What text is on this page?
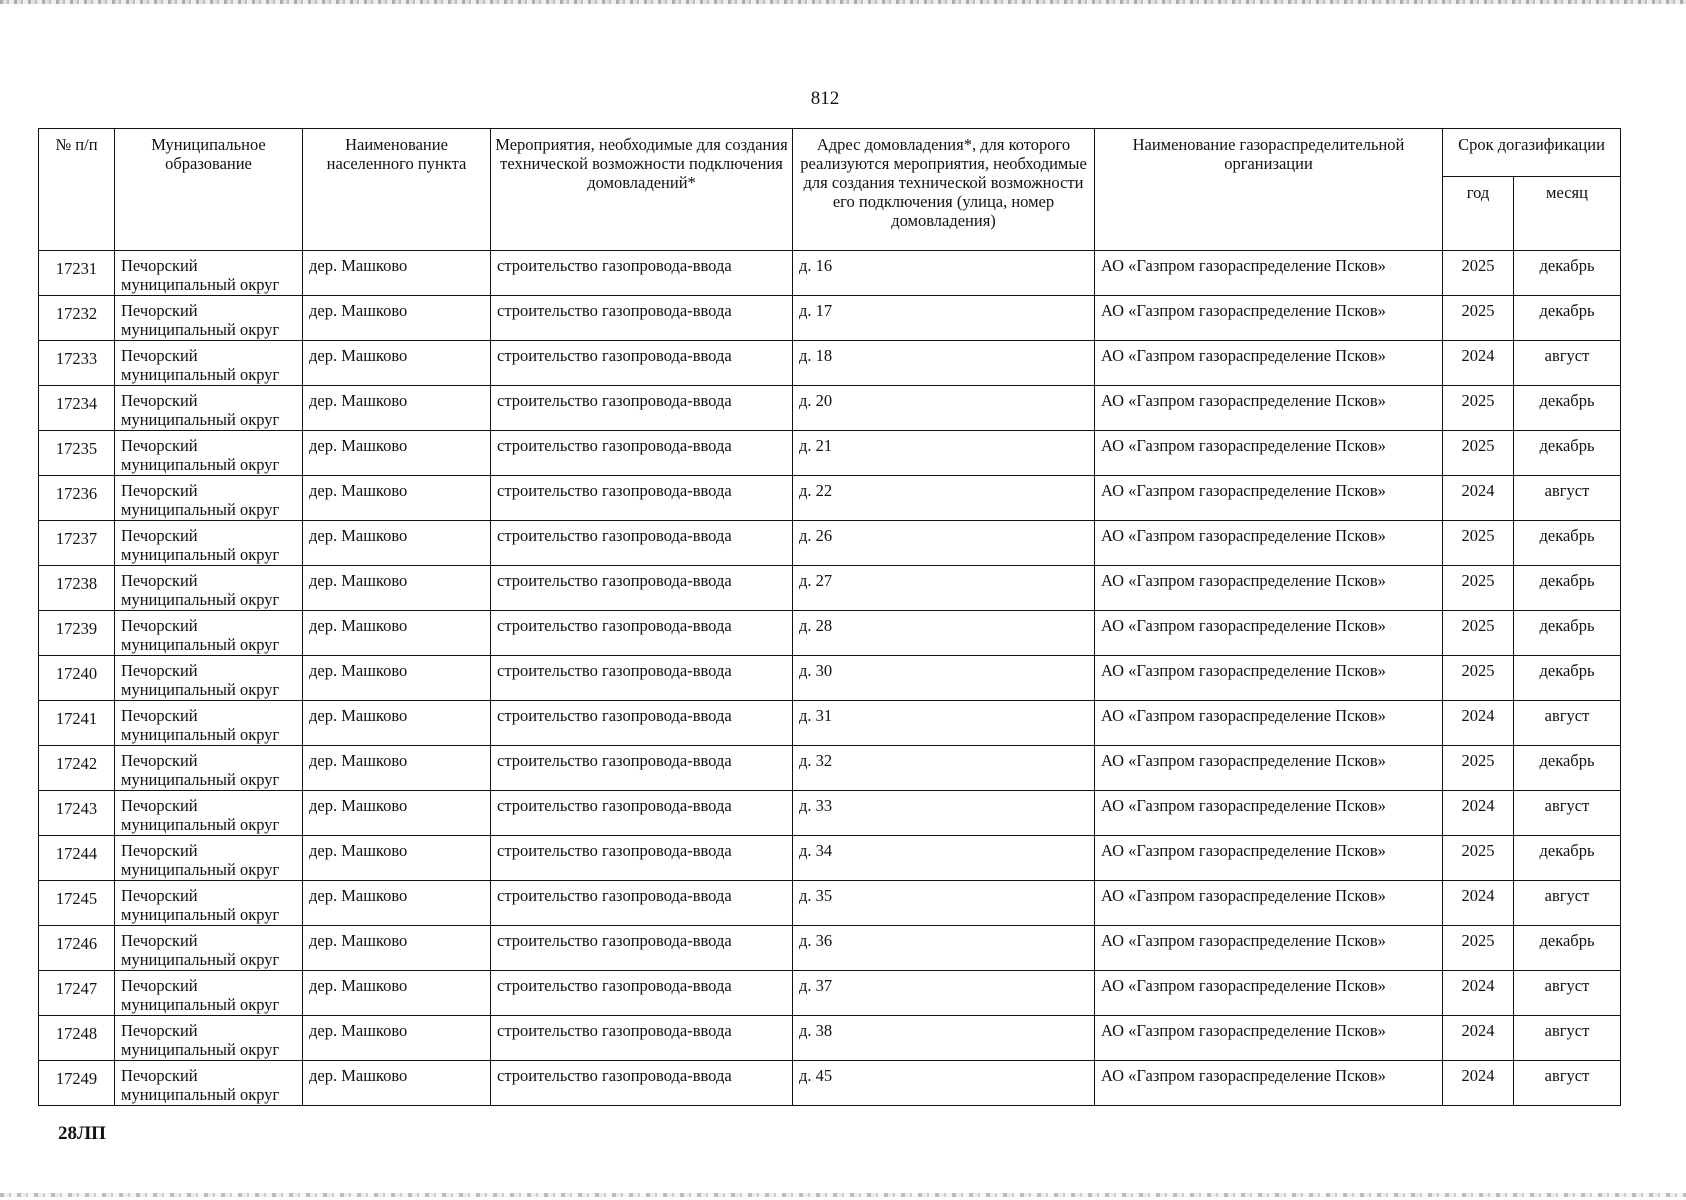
812
№ п/п	Муниципальное образование	Наименование населенного пункта	Мероприятия, необходимые для создания технической возможности подключения домовладений*	Адрес домовладения*, для которого реализуются мероприятия, необходимые для создания технической возможности его подключения (улица, номер домовладения)	Наименование газораспределительной организации	Срок догазификации	
						год	месяц
17231	Печорский муниципальный округ	дер. Машково	строительство газопровода-ввода	д. 16	АО «Газпром газораспределение Псков»	2025	декабрь
17232	Печорский муниципальный округ	дер. Машково	строительство газопровода-ввода	д. 17	АО «Газпром газораспределение Псков»	2025	декабрь
17233	Печорский муниципальный округ	дер. Машково	строительство газопровода-ввода	д. 18	АО «Газпром газораспределение Псков»	2024	август
17234	Печорский муниципальный округ	дер. Машково	строительство газопровода-ввода	д. 20	АО «Газпром газораспределение Псков»	2025	декабрь
17235	Печорский муниципальный округ	дер. Машково	строительство газопровода-ввода	д. 21	АО «Газпром газораспределение Псков»	2025	декабрь
17236	Печорский муниципальный округ	дер. Машково	строительство газопровода-ввода	д. 22	АО «Газпром газораспределение Псков»	2024	август
17237	Печорский муниципальный округ	дер. Машково	строительство газопровода-ввода	д. 26	АО «Газпром газораспределение Псков»	2025	декабрь
17238	Печорский муниципальный округ	дер. Машково	строительство газопровода-ввода	д. 27	АО «Газпром газораспределение Псков»	2025	декабрь
17239	Печорский муниципальный округ	дер. Машково	строительство газопровода-ввода	д. 28	АО «Газпром газораспределение Псков»	2025	декабрь
17240	Печорский муниципальный округ	дер. Машково	строительство газопровода-ввода	д. 30	АО «Газпром газораспределение Псков»	2025	декабрь
17241	Печорский муниципальный округ	дер. Машково	строительство газопровода-ввода	д. 31	АО «Газпром газораспределение Псков»	2024	август
17242	Печорский муниципальный округ	дер. Машково	строительство газопровода-ввода	д. 32	АО «Газпром газораспределение Псков»	2025	декабрь
17243	Печорский муниципальный округ	дер. Машково	строительство газопровода-ввода	д. 33	АО «Газпром газораспределение Псков»	2024	август
17244	Печорский муниципальный округ	дер. Машково	строительство газопровода-ввода	д. 34	АО «Газпром газораспределение Псков»	2025	декабрь
17245	Печорский муниципальный округ	дер. Машково	строительство газопровода-ввода	д. 35	АО «Газпром газораспределение Псков»	2024	август
17246	Печорский муниципальный округ	дер. Машково	строительство газопровода-ввода	д. 36	АО «Газпром газораспределение Псков»	2025	декабрь
17247	Печорский муниципальный округ	дер. Машково	строительство газопровода-ввода	д. 37	АО «Газпром газораспределение Псков»	2024	август
17248	Печорский муниципальный округ	дер. Машково	строительство газопровода-ввода	д. 38	АО «Газпром газораспределение Псков»	2024	август
17249	Печорский муниципальный округ	дер. Машково	строительство газопровода-ввода	д. 45	АО «Газпром газораспределение Псков»	2024	август
28ЛП
